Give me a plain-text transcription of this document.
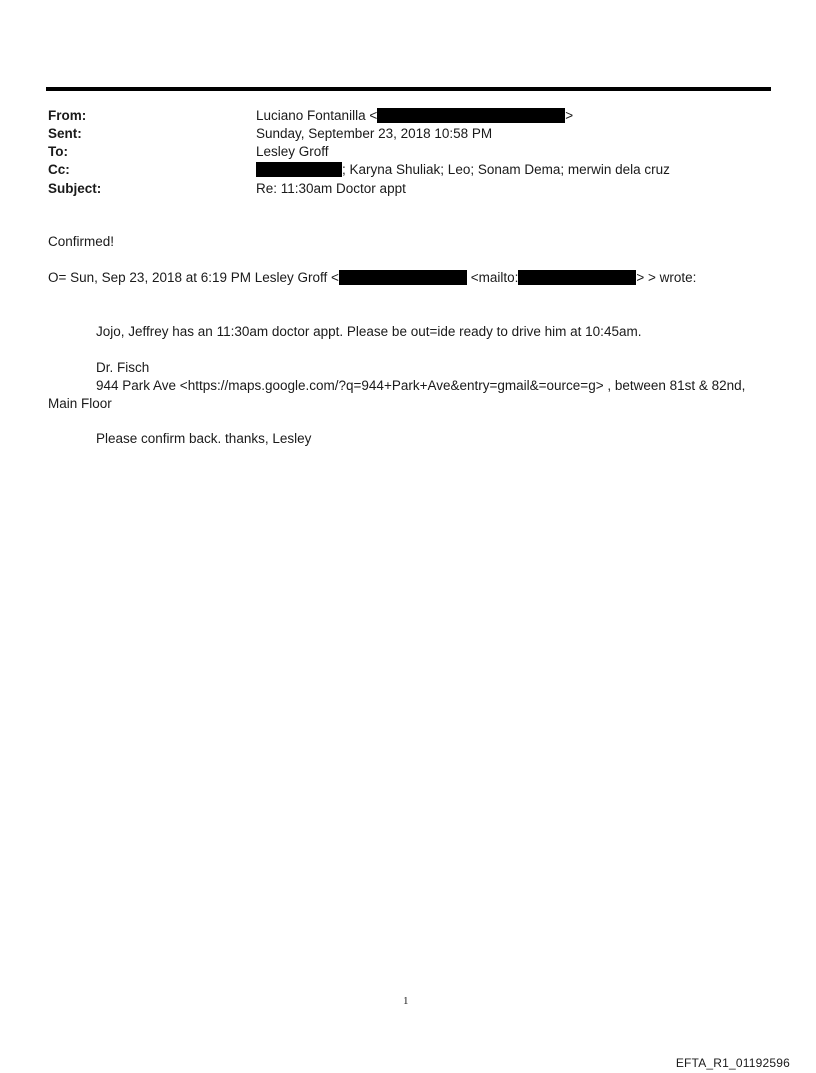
From:	Luciano Fontanilla <	>
Sent:	Sunday, September 23, 2018 10:58 PM
To:	Lesley Groff
Cc:	; Karyna Shuliak; Leo; Sonam Dema; merwin dela cruz
Subject:	Re: 11:30am Doctor appt
Confirmed!
O= Sun, Sep 23, 2018 at 6:19 PM Lesley Groff <	<mailto:	> > wrote:
Jojo, Jeffrey has an 11:30am doctor appt. Please be out=ide ready to drive him at 10:45am.
Dr. Fisch
944 Park Ave <https://maps.google.com/?q=944+Park+Ave&entry=gmail&=ource=g> , between 81st & 82nd,
Main Floor
Please confirm back. thanks, Lesley
1
EFTA_R1_01192596
